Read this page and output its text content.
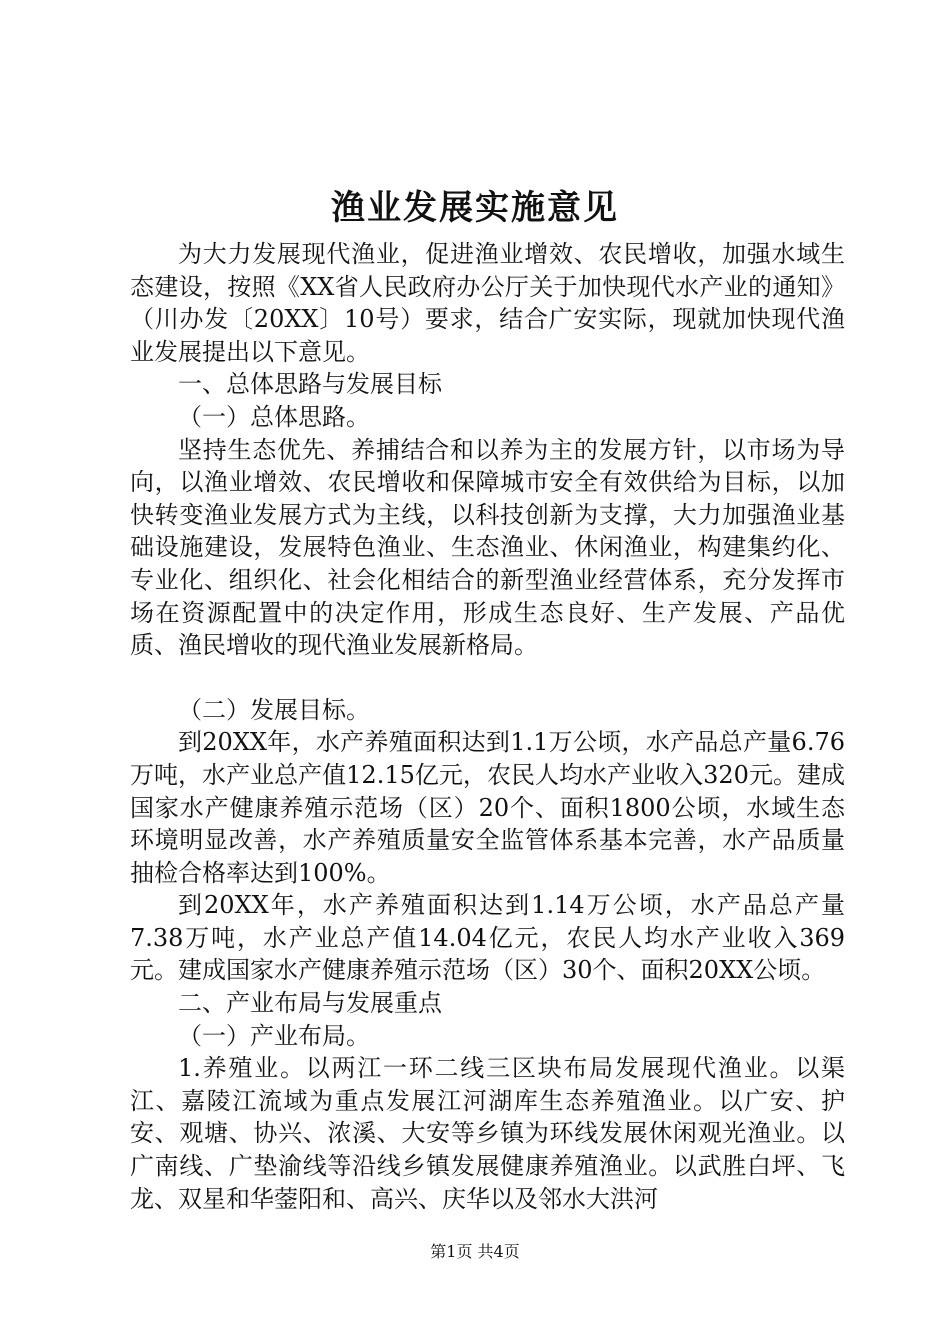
渔业发展实施意见

为大力发展现代渔业，促进渔业增效、农民增收，加强水域生态建设，按照《XX省人民政府办公厅关于加快现代水产业的通知》（川办发〔20XX〕10号）要求，结合广安实际，现就加快现代渔业发展提出以下意见。

一、总体思路与发展目标

（一）总体思路。

坚持生态优先、养捕结合和以养为主的发展方针，以市场为导向，以渔业增效、农民增收和保障城市安全有效供给为目标，以加快转变渔业发展方式为主线，以科技创新为支撑，大力加强渔业基础设施建设，发展特色渔业、生态渔业、休闲渔业，构建集约化、专业化、组织化、社会化相结合的新型渔业经营体系，充分发挥市场在资源配置中的决定作用，形成生态良好、生产发展、产品优质、渔民增收的现代渔业发展新格局。

（二）发展目标。

到20XX年，水产养殖面积达到1.1万公顷，水产品总产量6.76万吨，水产业总产值12.15亿元，农民人均水产业收入320元。建成国家水产健康养殖示范场（区）20个、面积1800公顷，水域生态环境明显改善，水产养殖质量安全监管体系基本完善，水产品质量抽检合格率达到100%。

到20XX年，水产养殖面积达到1.14万公顷，水产品总产量7.38万吨，水产业总产值14.04亿元，农民人均水产业收入369元。建成国家水产健康养殖示范场（区）30个、面积20XX公顷。

二、产业布局与发展重点

（一）产业布局。

1.养殖业。以两江一环二线三区块布局发展现代渔业。以渠江、嘉陵江流域为重点发展江河湖库生态养殖渔业。以广安、护安、观塘、协兴、浓溪、大安等乡镇为环线发展休闲观光渔业。以广南线、广垫渝线等沿线乡镇发展健康养殖渔业。以武胜白坪、飞龙、双星和华蓥阳和、高兴、庆华以及邻水大洪河

第1页 共4页
